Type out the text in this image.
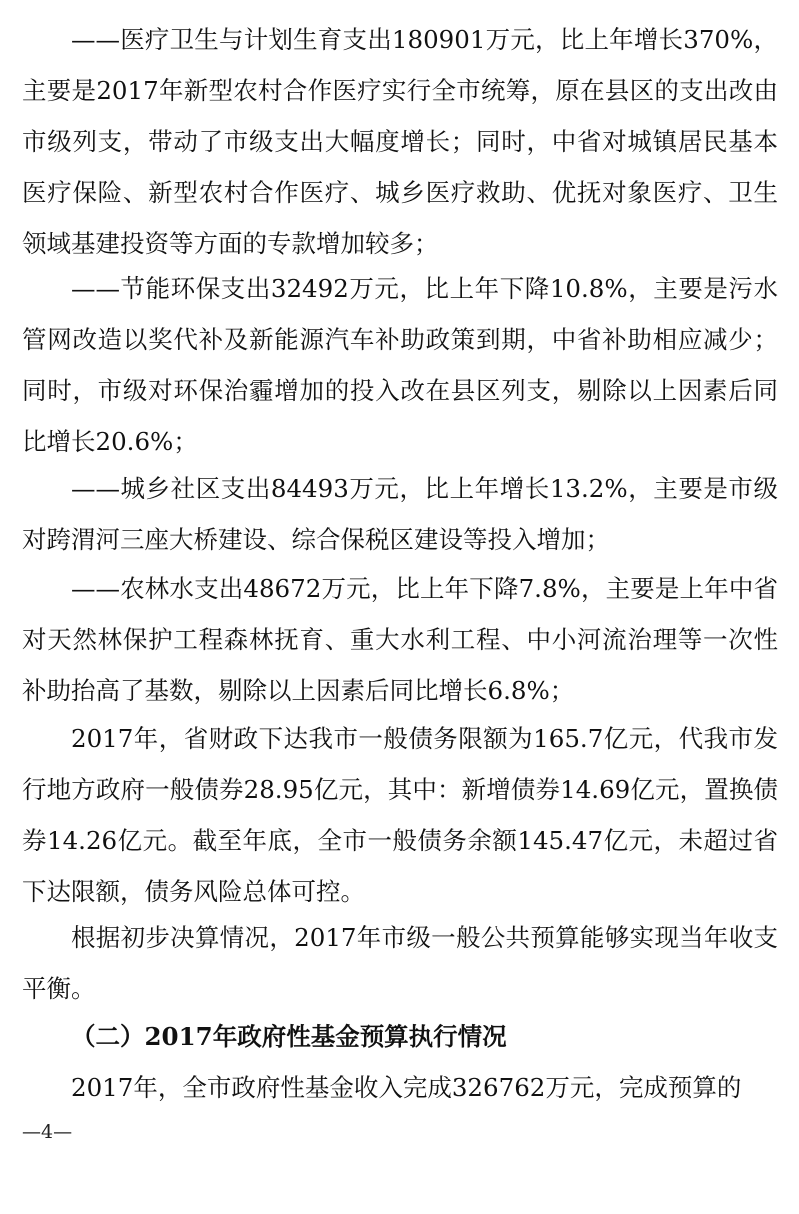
——医疗卫生与计划生育支出180901万元，比上年增长370%，主要是2017年新型农村合作医疗实行全市统筹，原在县区的支出改由市级列支，带动了市级支出大幅度增长；同时，中省对城镇居民基本医疗保险、新型农村合作医疗、城乡医疗救助、优抚对象医疗、卫生领域基建投资等方面的专款增加较多；

——节能环保支出32492万元，比上年下降10.8%，主要是污水管网改造以奖代补及新能源汽车补助政策到期，中省补助相应减少；同时，市级对环保治霾增加的投入改在县区列支，剔除以上因素后同比增长20.6%；

——城乡社区支出84493万元，比上年增长13.2%，主要是市级对跨渭河三座大桥建设、综合保税区建设等投入增加；

——农林水支出48672万元，比上年下降7.8%，主要是上年中省对天然林保护工程森林抚育、重大水利工程、中小河流治理等一次性补助抬高了基数，剔除以上因素后同比增长6.8%；

2017年，省财政下达我市一般债务限额为165.7亿元，代我市发行地方政府一般债券28.95亿元，其中：新增债券14.69亿元，置换债券14.26亿元。截至年底，全市一般债务余额145.47亿元，未超过省下达限额，债务风险总体可控。

根据初步决算情况，2017年市级一般公共预算能够实现当年收支平衡。

（二）2017年政府性基金预算执行情况

2017年，全市政府性基金收入完成326762万元，完成预算的

—4—
